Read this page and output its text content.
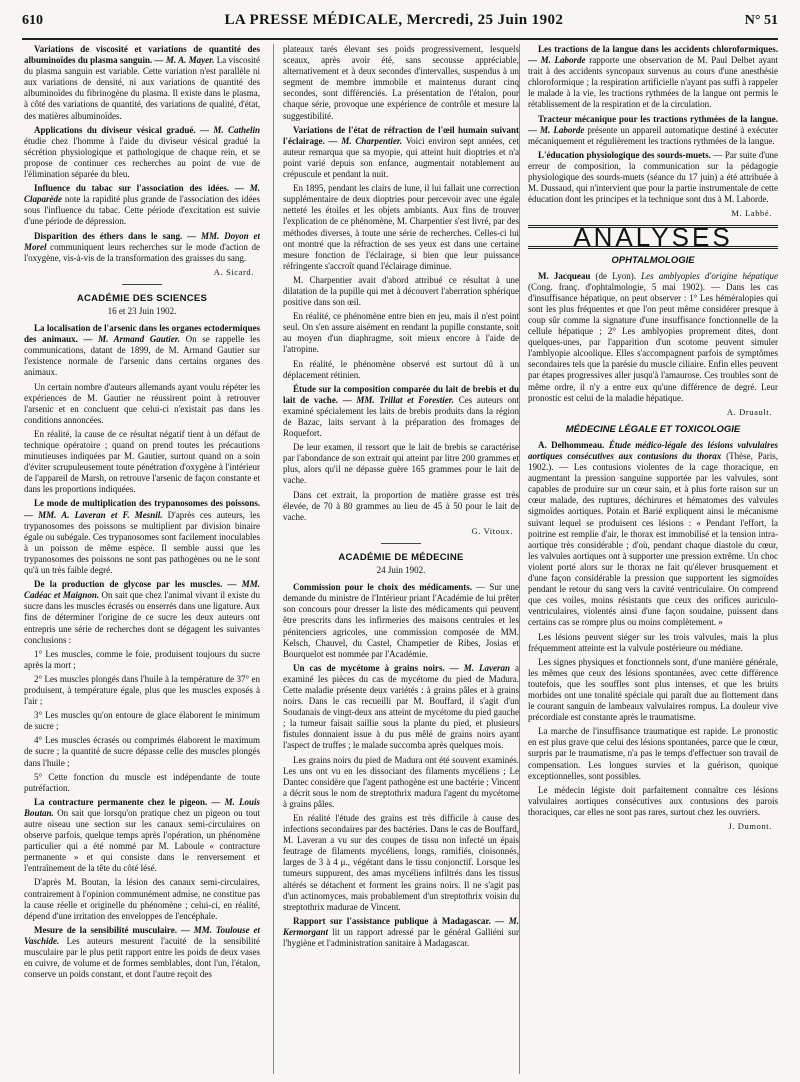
610	LA PRESSE MÉDICALE, Mercredi, 25 Juin 1902	N° 51

Variations de viscosité et variations de quantité des albuminoïdes du plasma sanguin. — M. A. Mayer. La viscosité du plasma sanguin est variable. Cette variation n'est parallèle ni aux variations de densité, ni aux variations de quantité des albuminoïdes du fibrinogène du plasma. Il existe dans le plasma, à côté des variations de quantité, des variations de qualité, d'état, des matières albuminoïdes.

Applications du diviseur vésical gradué. — M. Cathelin étudie chez l'homme à l'aide du diviseur vésical gradué la sécrétion physiologique et pathologique de chaque rein, et se propose de continuer ces recherches au point de vue de l'élimination séparée du bleu.

Influence du tabac sur l'association des idées. — M. Claparède note la rapidité plus grande de l'association des idées sous l'influence du tabac. Cette période d'excitation est suivie d'une période de dépression.

Disparition des éthers dans le sang. — MM. Doyon et Morel communiquent leurs recherches sur le mode d'action de l'oxygène, vis-à-vis de la transformation des graisses du sang.

A. Sicard.
ACADÉMIE DES SCIENCES
16 et 23 Juin 1902.

La localisation de l'arsenic dans les organes ectodermiques des animaux. — M. Armand Gautier. On se rappelle les communications, datant de 1899, de M. Armand Gautier sur l'existence normale de l'arsenic dans certains organes des animaux.

Un certain nombre d'auteurs allemands ayant voulu répéter les expériences de M. Gautier ne réussirent point à retrouver l'arsenic et en concluent que celui-ci n'existait pas dans les conditions annoncées.

En réalité, la cause de ce résultat négatif tient à un défaut de technique opératoire ; quand on prend toutes les précautions minutieuses indiquées par M. Gautier, surtout quand on a soin d'éviter scrupuleusement toute pénétration d'oxygène à l'intérieur de l'appareil de Marsh, on retrouve l'arsenic de façon constante et dans les proportions indiquées.

Le mode de multiplication des trypanosomes des poissons. — MM. A. Laveran et F. Mesnil. D'après ces auteurs, les trypanosomes des poissons se multiplient par division binaire égale ou subégale. Ces trypanosomes sont facilement inoculables à un poisson de même espèce. Il semble aussi que les trypanosomes des poissons ne sont pas pathogènes ou ne le sont qu'à un très faible degré.

De la production de glycose par les muscles. — MM. Cadéac et Maignon. On sait que chez l'animal vivant il existe du sucre dans les muscles écrasés ou enserrés dans une ligature. Aux fins de déterminer l'origine de ce sucre les deux auteurs ont entrepris une série de recherches dont se dégagent les suivantes conclusions :

1° Les muscles, comme le foie, produisent toujours du sucre après la mort ;

2° Les muscles plongés dans l'huile à la température de 37° en produisent, à température égale, plus que les muscles exposés à l'air ;

3° Les muscles qu'on entoure de glace élaborent le minimum de sucre ;

4° Les muscles écrasés ou comprimés élaborent le maximum de sucre ; la quantité de sucre dépasse celle des muscles plongés dans l'huile ;

5° Cette fonction du muscle est indépendante de toute putréfaction.

La contracture permanente chez le pigeon. — M. Louis Boutan. On sait que lorsqu'on pratique chez un pigeon ou tout autre oiseau une section sur les canaux semi-circulaires on observe parfois, quelque temps après l'opération, un phénomène particulier qui a été nommé par M. Laboule « contracture permanente » et qui consiste dans le renversement et l'entraînement de la tête du côté lésé.

D'après M. Boutan, la lésion des canaux semi-circulaires, contrairement à l'opinion communément admise, ne constitue pas la cause réelle et originelle du phénomène ; celui-ci, en réalité, dépend d'une irritation des enveloppes de l'encéphale.

Mesure de la sensibilité musculaire. — MM. Toulouse et Vaschide. Les auteurs mesurent l'acuité de la sensibilité musculaire par le plus petit rapport entre les poids de deux vases en cuivre, de volume et de formes semblables, dont l'un, l'étalon, conserve un poids constant, et dont l'autre reçoit des

plateaux tarés élevant ses poids progressivement, lesquels sceaux, après avoir été, sans secousse appréciable, alternativement et à deux secondes d'intervalles, suspendus à un segment de membre immobile et maintenus durant cinq secondes, sont différenciés. La présentation de l'étalon, pour chaque série, provoque une expérience de contrôle et mesure la suggestibilité.

Variations de l'état de réfraction de l'œil humain suivant l'éclairage. — M. Charpentier. Voici environ sept années, cet auteur remarqua que sa myopie, qui atteint huit dioptries et n'a point varié depuis son enfance, augmentait notablement au crépuscule et pendant la nuit.

En 1895, pendant les clairs de lune, il lui fallait une correction supplémentaire de deux dioptries pour percevoir avec une égale netteté les étoiles et les objets ambiants. Aux fins de trouver l'explication de ce phénomène, M. Charpentier s'est livré, par des méthodes diverses, à toute une série de recherches. Celles-ci lui ont montré que la réfraction de ses yeux est dans une certaine mesure fonction de l'éclairage, si bien que leur puissance réfringente s'accroît quand l'éclairage diminue.

M. Charpentier avait d'abord attribué ce résultat à une dilatation de la pupille qui met à découvert l'aberration sphérique positive dans son œil.

En réalité, ce phénomène entre bien en jeu, mais il n'est point seul. On s'en assure aisément en rendant la pupille constante, soit au moyen d'un diaphragme, soit mieux encore à l'aide de l'atropine.

En réalité, le phénomène observé est surtout dû à un déplacement rétinien.

Étude sur la composition comparée du lait de brebis et du lait de vache. — MM. Trillat et Forestier. Ces auteurs ont examiné spécialement les laits de brebis produits dans la région de Bazac, laits servant à la préparation des fromages de Roquefort.

De leur examen, il ressort que le lait de brebis se caractérise par l'abondance de son extrait qui atteint par litre 200 grammes et plus, alors qu'il ne dépasse guère 165 grammes pour le lait de vache.

Dans cet extrait, la proportion de matière grasse est très élevée, de 70 à 80 grammes au lieu de 45 à 50 pour le lait de vache.

G. Vitoux.
ACADÉMIE DE MÉDECINE
24 Juin 1902.

Commission pour le choix des médicaments. — Sur une demande du ministre de l'Intérieur priant l'Académie de lui prêter son concours pour dresser la liste des médicaments qui peuvent être prescrits dans les infirmeries des maisons centrales et les pénitenciers agricoles, une commission composée de MM. Kelsch, Chauvel, du Castel, Champetier de Ribes, Josias et Bourquelot est nommée par l'Académie.

Un cas de mycétome à grains noirs. — M. Laveran a examiné les pièces du cas de mycétome du pied de Madura. Cette maladie présente deux variétés : à grains pâles et à grains noirs. Dans le cas recueilli par M. Bouffard, il s'agit d'un Soudanais de vingt-deux ans atteint de mycétome du pied gauche ; la tumeur faisait saillie sous la plante du pied, et plusieurs fistules donnaient issue à du pus mêlé de grains noirs ayant l'aspect de truffes ; le malade succomba après quelques mois.

Les grains noirs du pied de Madura ont été souvent examinés. Les uns ont vu en les dissociant des filaments mycéliens ; Le Dantec considère que l'agent pathogène est une bactérie ; Vincent a décrit sous le nom de streptothrix madura l'agent du mycétome à grains pâles.

En réalité l'étude des grains est très difficile à cause des infections secondaires par des bactéries. Dans le cas de Bouffard, M. Laveran a vu sur des coupes de tissu non infecté un épais feutrage de filaments mycéliens, longs, ramifiés, cloisonnés, larges de 3 à 4 μ., végétant dans le tissu conjonctif. Lorsque les tumeurs suppurent, des amas mycéliens infiltrés dans les tissus altérés se détachent et forment les grains noirs. Il ne s'agit pas d'un actinomyces, mais probablement d'un streptothrix voisin du streptothrix madurae de Vincent.

Rapport sur l'assistance publique à Madagascar. — M. Kermorgant lit un rapport adressé par le général Galliéni sur l'hygiène et l'administration sanitaire à Madagascar.

Les tractions de la langue dans les accidents chloroformiques. — M. Laborde rapporte une observation de M. Paul Delbet ayant trait à des accidents syncopaux survenus au cours d'une anesthésie chloroformique ; la respiration artificielle n'ayant pas suffi à rappeler le malade à la vie, les tractions rythmées de la langue ont permis le rétablissement de la respiration et de la circulation.

Tracteur mécanique pour les tractions rythmées de la langue. — M. Laborde présente un appareil automatique destiné à exécuter mécaniquement et régulièrement les tractions rythmées de la langue.

L'éducation physiologique des sourds-muets. — Par suite d'une erreur de composition, la communication sur la pédagogie physiologique des sourds-muets (séance du 17 juin) a été attribuée à M. Dussaud, qui n'intervient que pour la partie instrumentale de cette éducation dont les principes et la technique sont dus à M. Laborde.

M. Labbé.
ANALYSES
OPHTALMOLOGIE

M. Jacqueau (de Lyon). Les amblyopies d'origine hépatique (Cong. franç. d'ophtalmologie, 5 mai 1902). — Dans les cas d'insuffisance hépatique, on peut observer : 1° Les héméralopies qui sont les plus fréquentes et que l'on peut même considérer presque à coup sûr comme la signature d'une insuffisance fonctionnelle de la cellule hépatique ; 2° Les amblyopies proprement dites, dont quelques-unes, par l'apparition d'un scotome peuvent simuler l'amblyopie alcoolique. Elles s'accompagnent parfois de symptômes secondaires tels que la parésie du muscle ciliaire. Enfin elles peuvent par étapes progressives aller jusqu'à l'amaurose. Ces troubles sont de même ordre, il n'y a entre eux qu'une différence de degré. Leur pronostic est celui de la maladie hépatique.

A. Druault.
MÉDECINE LÉGALE ET TOXICOLOGIE

A. Delhommeau. Étude médico-légale des lésions valvulaires aortiques consécutives aux contusions du thorax (Thèse, Paris, 1902.). — Les contusions violentes de la cage thoracique, en augmentant la pression sanguine supportée par les valvules, sont capables de produire sur un cœur sain, et à plus forte raison sur un cœur malade, des ruptures, déchirures et hématomes des valvules sigmoïdes aortiques. Potain et Barié expliquent ainsi le mécanisme suivant lequel se produisent ces lésions : « Pendant l'effort, la poitrine est remplie d'air, le thorax est immobilisé et la tension intra-aortique très considérable ; d'où, pendant chaque diastole du cœur, les valvules aortiques ont à supporter une pression extrême. Un choc violent porté alors sur le thorax ne fait qu'élever brusquement et d'une façon considérable la pression que supportent les sigmoïdes pendant le retour du sang vers la cavité ventriculaire. On comprend que ces voiles, moins résistants que ceux des orifices auriculo-ventriculaires, violentés ainsi d'une façon soudaine, puissent dans certains cas se rompre plus ou moins complètement. »

Les lésions peuvent siéger sur les trois valvules, mais la plus fréquemment atteinte est la valvule postérieure ou médiane.

Les signes physiques et fonctionnels sont, d'une manière générale, les mêmes que ceux des lésions spontanées, avec cette différence toutefois, que les souffles sont plus intenses, et que les bruits morbides ont une tonalité spéciale qui paraît due au flottement dans le courant sanguin de lambeaux valvulaires rompus. La douleur vive précordiale est constante après le traumatisme.

La marche de l'insuffisance traumatique est rapide. Le pronostic en est plus grave que celui des lésions spontanées, parce que le cœur, surpris par le traumatisme, n'a pas le temps d'effectuer son travail de compensation. Les longues survies et la guérison, quoique exceptionnelles, sont possibles.

Le médecin légiste doit parfaitement connaître ces lésions valvulaires aortiques consécutives aux contusions des parois thoraciques, car elles ne sont pas rares, surtout chez les ouvriers.

J. Dumont.
